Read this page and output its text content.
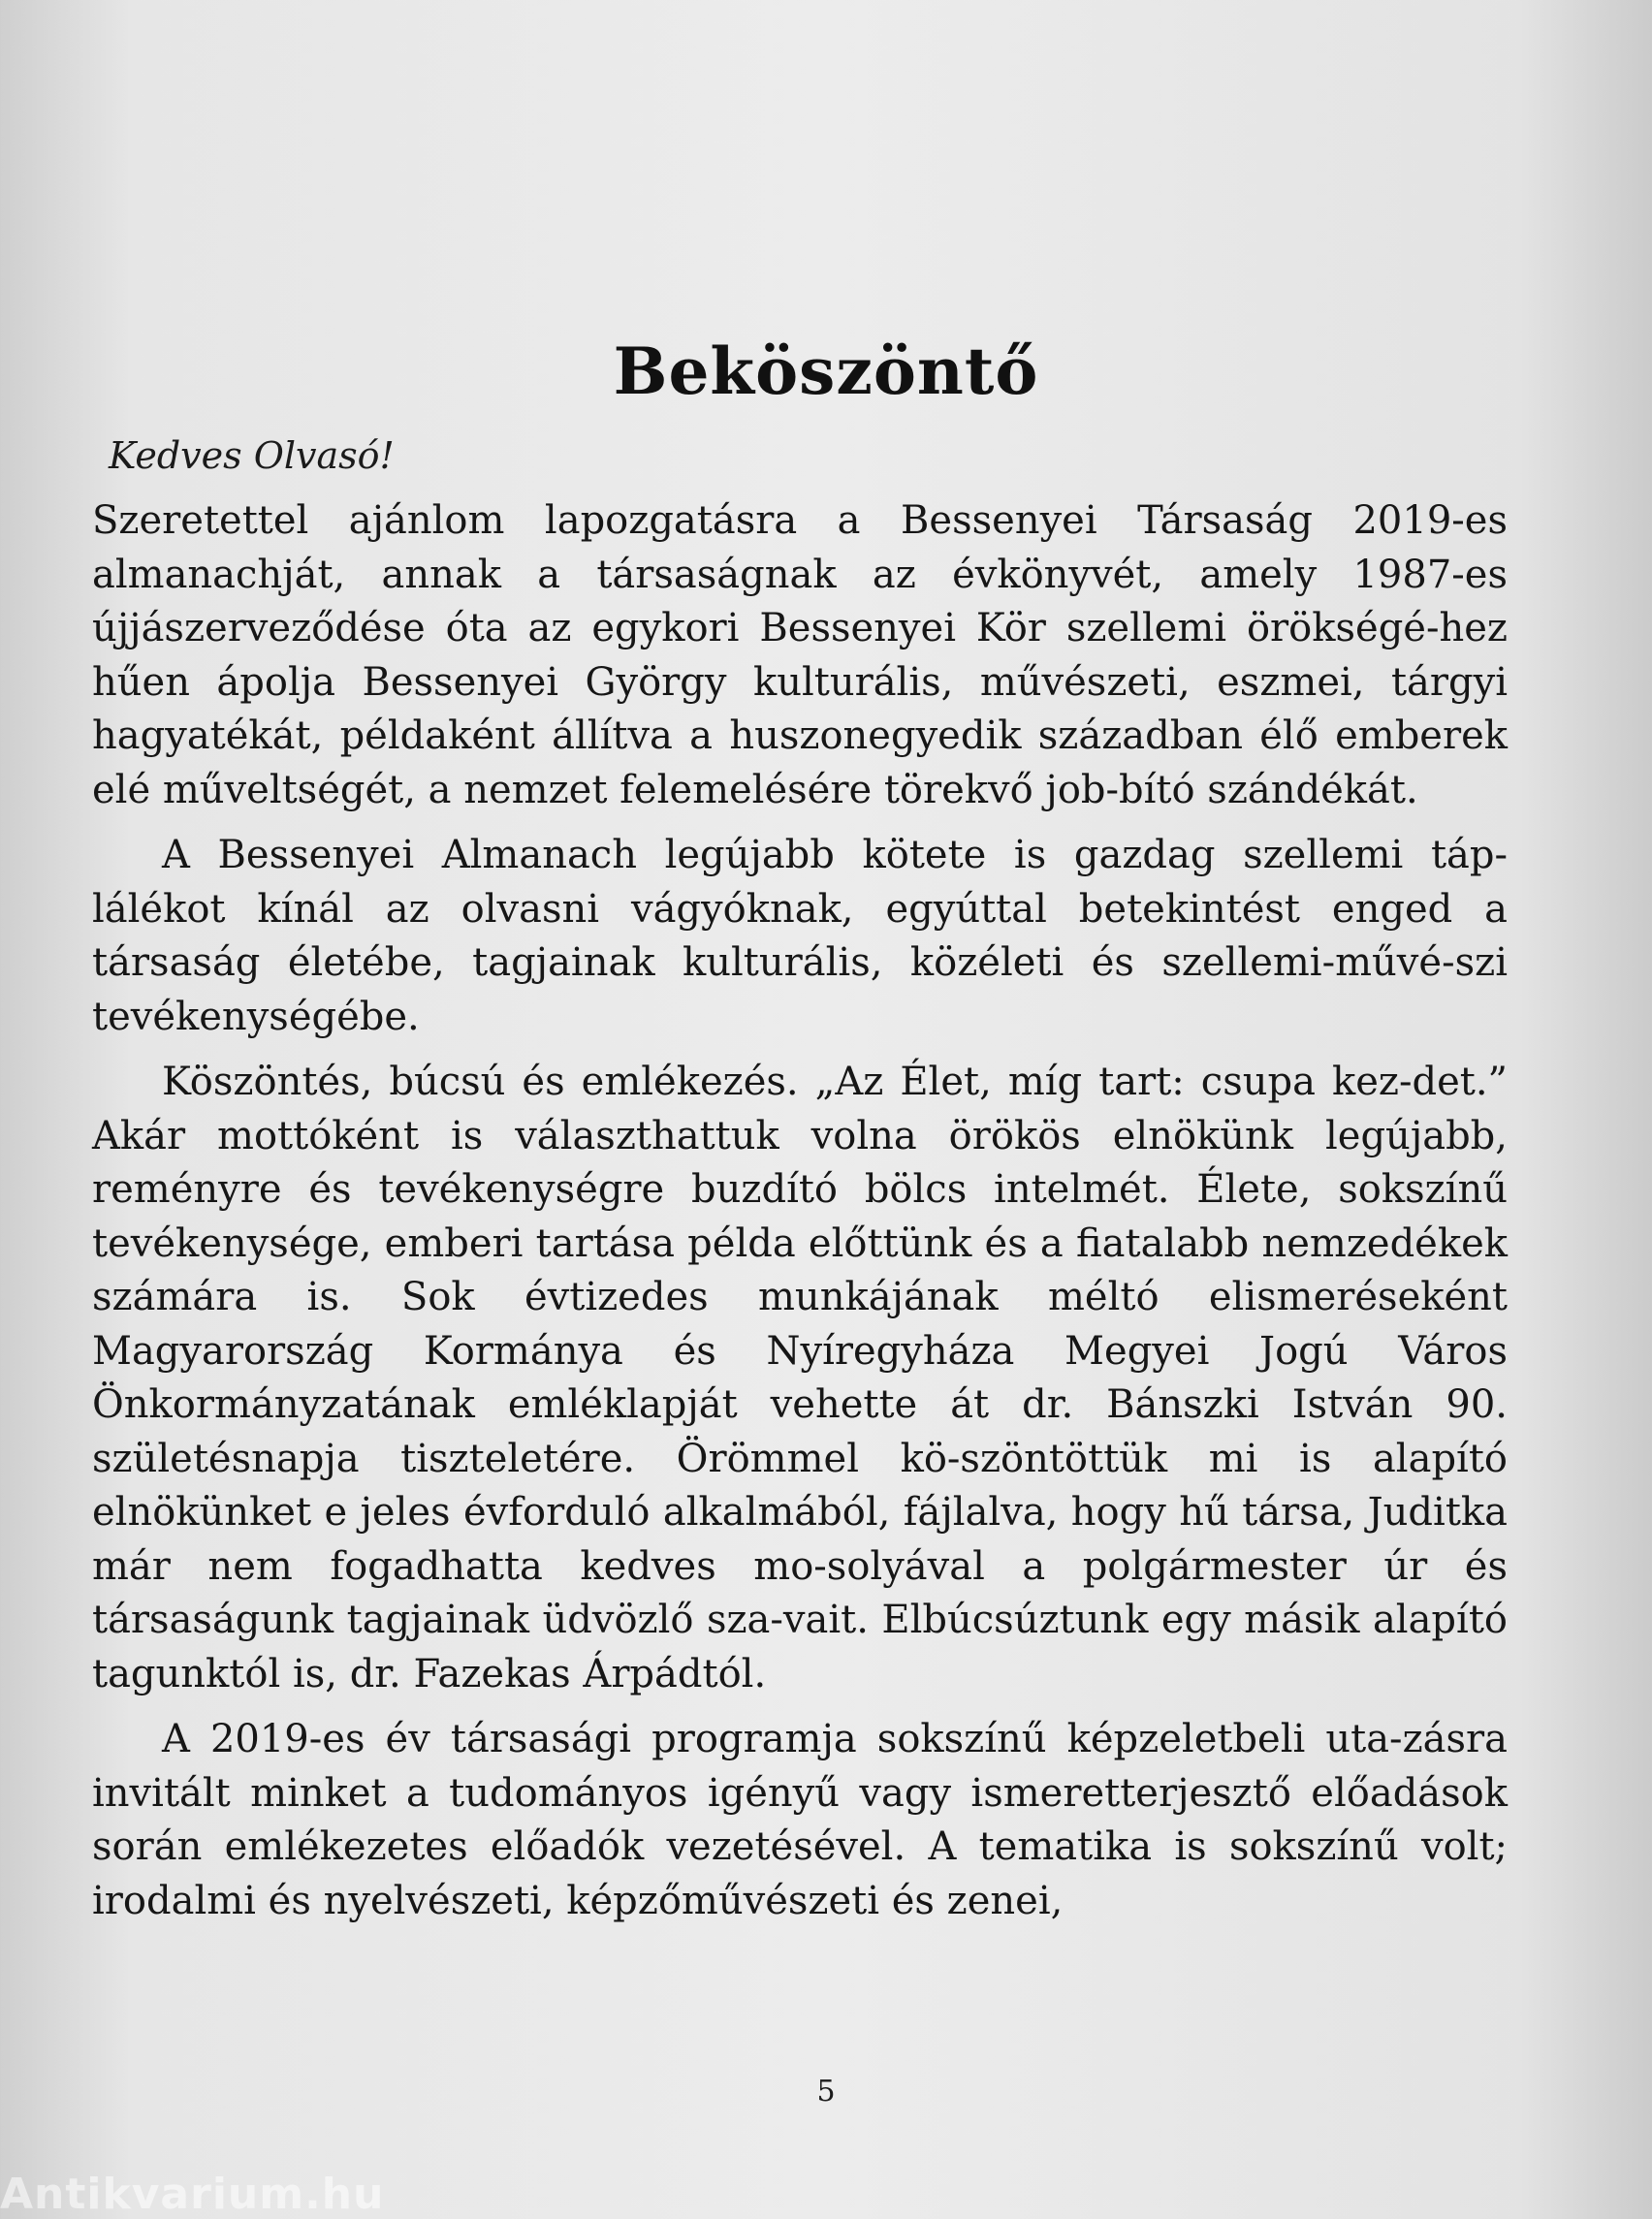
Beköszöntő
Kedves Olvasó!

Szeretettel ajánlom lapozgatásra a Bessenyei Társaság 2019-es almanachját, annak a társaságnak az évkönyvét, amely 1987-es újjászerveződése óta az egykori Bessenyei Kör szellemi örökségé-hez hűen ápolja Bessenyei György kulturális, művészeti, eszmei, tárgyi hagyatékát, példaként állítva a huszonegyedik században élő emberek elé műveltségét, a nemzet felemelésére törekvő job-bító szándékát.

A Bessenyei Almanach legújabb kötete is gazdag szellemi táp-lálékot kínál az olvasni vágyóknak, egyúttal betekintést enged a társaság életébe, tagjainak kulturális, közéleti és szellemi-művé-szi tevékenységébe.

Köszöntés, búcsú és emlékezés. „Az Élet, míg tart: csupa kez-det.” Akár mottóként is választhattuk volna örökös elnökünk legújabb, reményre és tevékenységre buzdító bölcs intelmét. Élete, sokszínű tevékenysége, emberi tartása példa előttünk és a fiatalabb nemzedékek számára is. Sok évtizedes munkájának méltó elismeréseként Magyarország Kormánya és Nyíregyháza Megyei Jogú Város Önkormányzatának emléklapját vehette át dr. Bánszki István 90. születésnapja tiszteletére. Örömmel kö-szöntöttük mi is alapító elnökünket e jeles évforduló alkalmából, fájlalva, hogy hű társa, Juditka már nem fogadhatta kedves mo-solyával a polgármester úr és társaságunk tagjainak üdvözlő sza-vait. Elbúcsúztunk egy másik alapító tagunktól is, dr. Fazekas Árpádtól.

A 2019-es év társasági programja sokszínű képzeletbeli uta-zásra invitált minket a tudományos igényű vagy ismeretterjesztő előadások során emlékezetes előadók vezetésével. A tematika is sokszínű volt; irodalmi és nyelvészeti, képzőművészeti és zenei,

5
Antikvarium.hu
